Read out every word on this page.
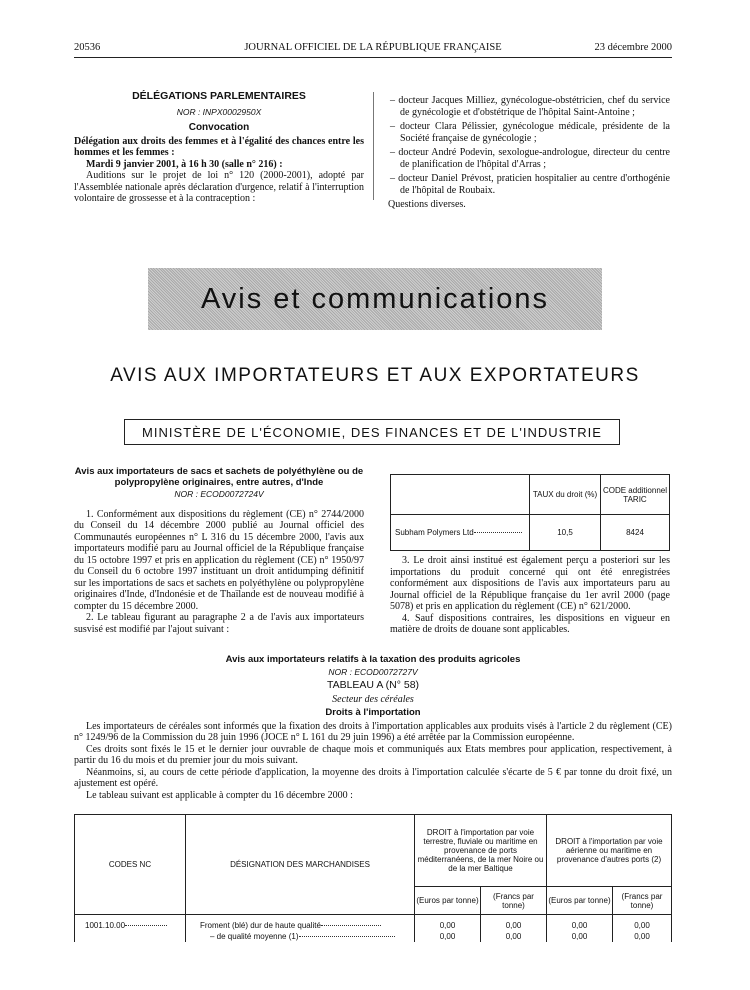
20536	JOURNAL OFFICIEL DE LA RÉPUBLIQUE FRANÇAISE	23 décembre 2000

DÉLÉGATIONS PARLEMENTAIRES

NOR : INPX0002950X

Convocation

Délégation aux droits des femmes et à l'égalité des chances entre les hommes et les femmes :

Mardi 9 janvier 2001, à 16 h 30 (salle n° 216) :

Auditions sur le projet de loi n° 120 (2000-2001), adopté par l'Assemblée nationale après déclaration d'urgence, relatif à l'interruption volontaire de grossesse et à la contraception :

– docteur Jacques Milliez, gynécologue-obstétricien, chef du service de gynécologie et d'obstétrique de l'hôpital Saint-Antoine ;

– docteur Clara Pélissier, gynécologue médicale, présidente de la Société française de gynécologie ;

– docteur André Podevin, sexologue-andrologue, directeur du centre de planification de l'hôpital d'Arras ;

– docteur Daniel Prévost, praticien hospitalier au centre d'orthogénie de l'hôpital de Roubaix.

Questions diverses.

Avis et communications
AVIS AUX IMPORTATEURS ET AUX EXPORTATEURS
MINISTÈRE DE L'ÉCONOMIE, DES FINANCES ET DE L'INDUSTRIE

Avis aux importateurs de sacs et sachets de polyéthylène ou de polypropylène originaires, entre autres, d'Inde

NOR : ECOD0072724V

1. Conformément aux dispositions du règlement (CE) n° 2744/2000 du Conseil du 14 décembre 2000 publié au Journal officiel des Communautés européennes n° L 316 du 15 décembre 2000, l'avis aux importateurs modifié paru au Journal officiel de la République française du 15 octobre 1997 et pris en application du règlement (CE) n° 1950/97 du Conseil du 6 octobre 1997 instituant un droit antidumping définitif sur les importations de sacs et sachets en polyéthylène ou polypropylène originaires d'Inde, d'Indonésie et de Thaïlande est de nouveau modifié à compter du 15 décembre 2000.

2. Le tableau figurant au paragraphe 2 a de l'avis aux importateurs susvisé est modifié par l'ajout suivant :

	TAUX du droit (%)	CODE additionnel TARIC
Subham Polymers Ltd	10,5	8424

3. Le droit ainsi institué est également perçu a posteriori sur les importations du produit concerné qui ont été enregistrées conformément aux dispositions de l'avis aux importateurs paru au Journal officiel de la République française du 1er avril 2000 (page 5078) et pris en application du règlement (CE) n° 621/2000.

4. Sauf dispositions contraires, les dispositions en vigueur en matière de droits de douane sont applicables.

Avis aux importateurs relatifs à la taxation des produits agricoles

NOR : ECOD0072727V

TABLEAU A (N° 58)

Secteur des céréales

Droits à l'importation

Les importateurs de céréales sont informés que la fixation des droits à l'importation applicables aux produits visés à l'article 2 du règlement (CE) n° 1249/96 de la Commission du 28 juin 1996 (JOCE n° L 161 du 29 juin 1996) a été arrêtée par la Commission européenne.

Ces droits sont fixés le 15 et le dernier jour ouvrable de chaque mois et communiqués aux Etats membres pour application, respectivement, à partir du 16 du mois et du premier jour du mois suivant.

Néanmoins, si, au cours de cette période d'application, la moyenne des droits à l'importation calculée s'écarte de 5 € par tonne du droit fixé, un ajustement est opéré.

Le tableau suivant est applicable à compter du 16 décembre 2000 :

CODES NC	DÉSIGNATION DES MARCHANDISES	DROIT à l'importation par voie terrestre, fluviale ou maritime en provenance de ports méditerranéens, de la mer Noire ou de la mer Baltique		DROIT à l'importation par voie aérienne ou maritime en provenance d'autres ports (2)	
		(Euros par tonne)	(Francs par tonne)	(Euros par tonne)	(Francs par tonne)
1001.10.00	Froment (blé) dur de haute qualité	0,00	0,00	0,00	0,00
	– de qualité moyenne (1)	0,00	0,00	0,00	0,00
